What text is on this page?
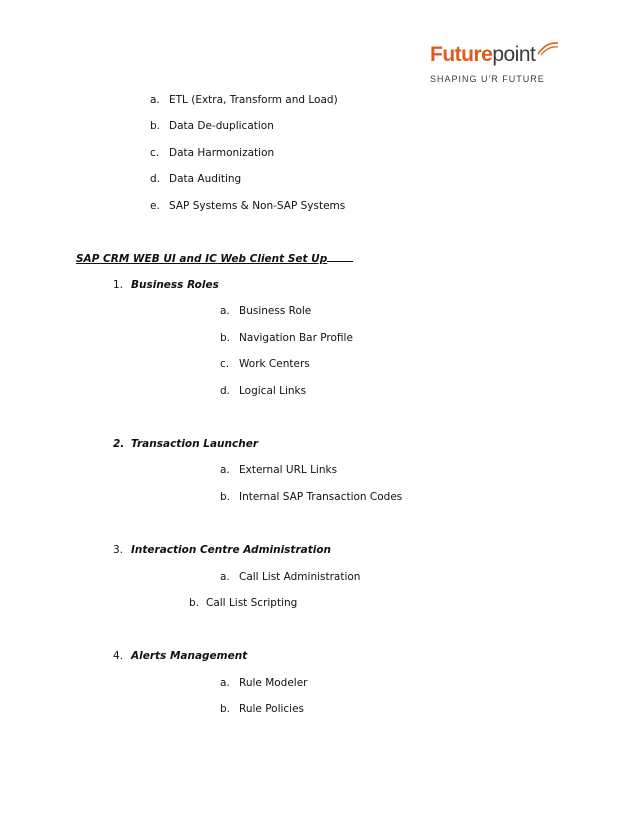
Futurepoint
SHAPING U'R FUTURE
a. ETL (Extra, Transform and Load)
b. Data De-duplication
c. Data Harmonization
d. Data Auditing
e. SAP Systems & Non-SAP Systems
SAP CRM WEB UI and IC Web Client Set Up
1. Business Roles
a. Business Role
b. Navigation Bar Profile
c. Work Centers
d. Logical Links
2. Transaction Launcher
a. External URL Links
b. Internal SAP Transaction Codes
3. Interaction Centre Administration
a. Call List Administration
b. Call List Scripting
4. Alerts Management
a. Rule Modeler
b. Rule Policies
